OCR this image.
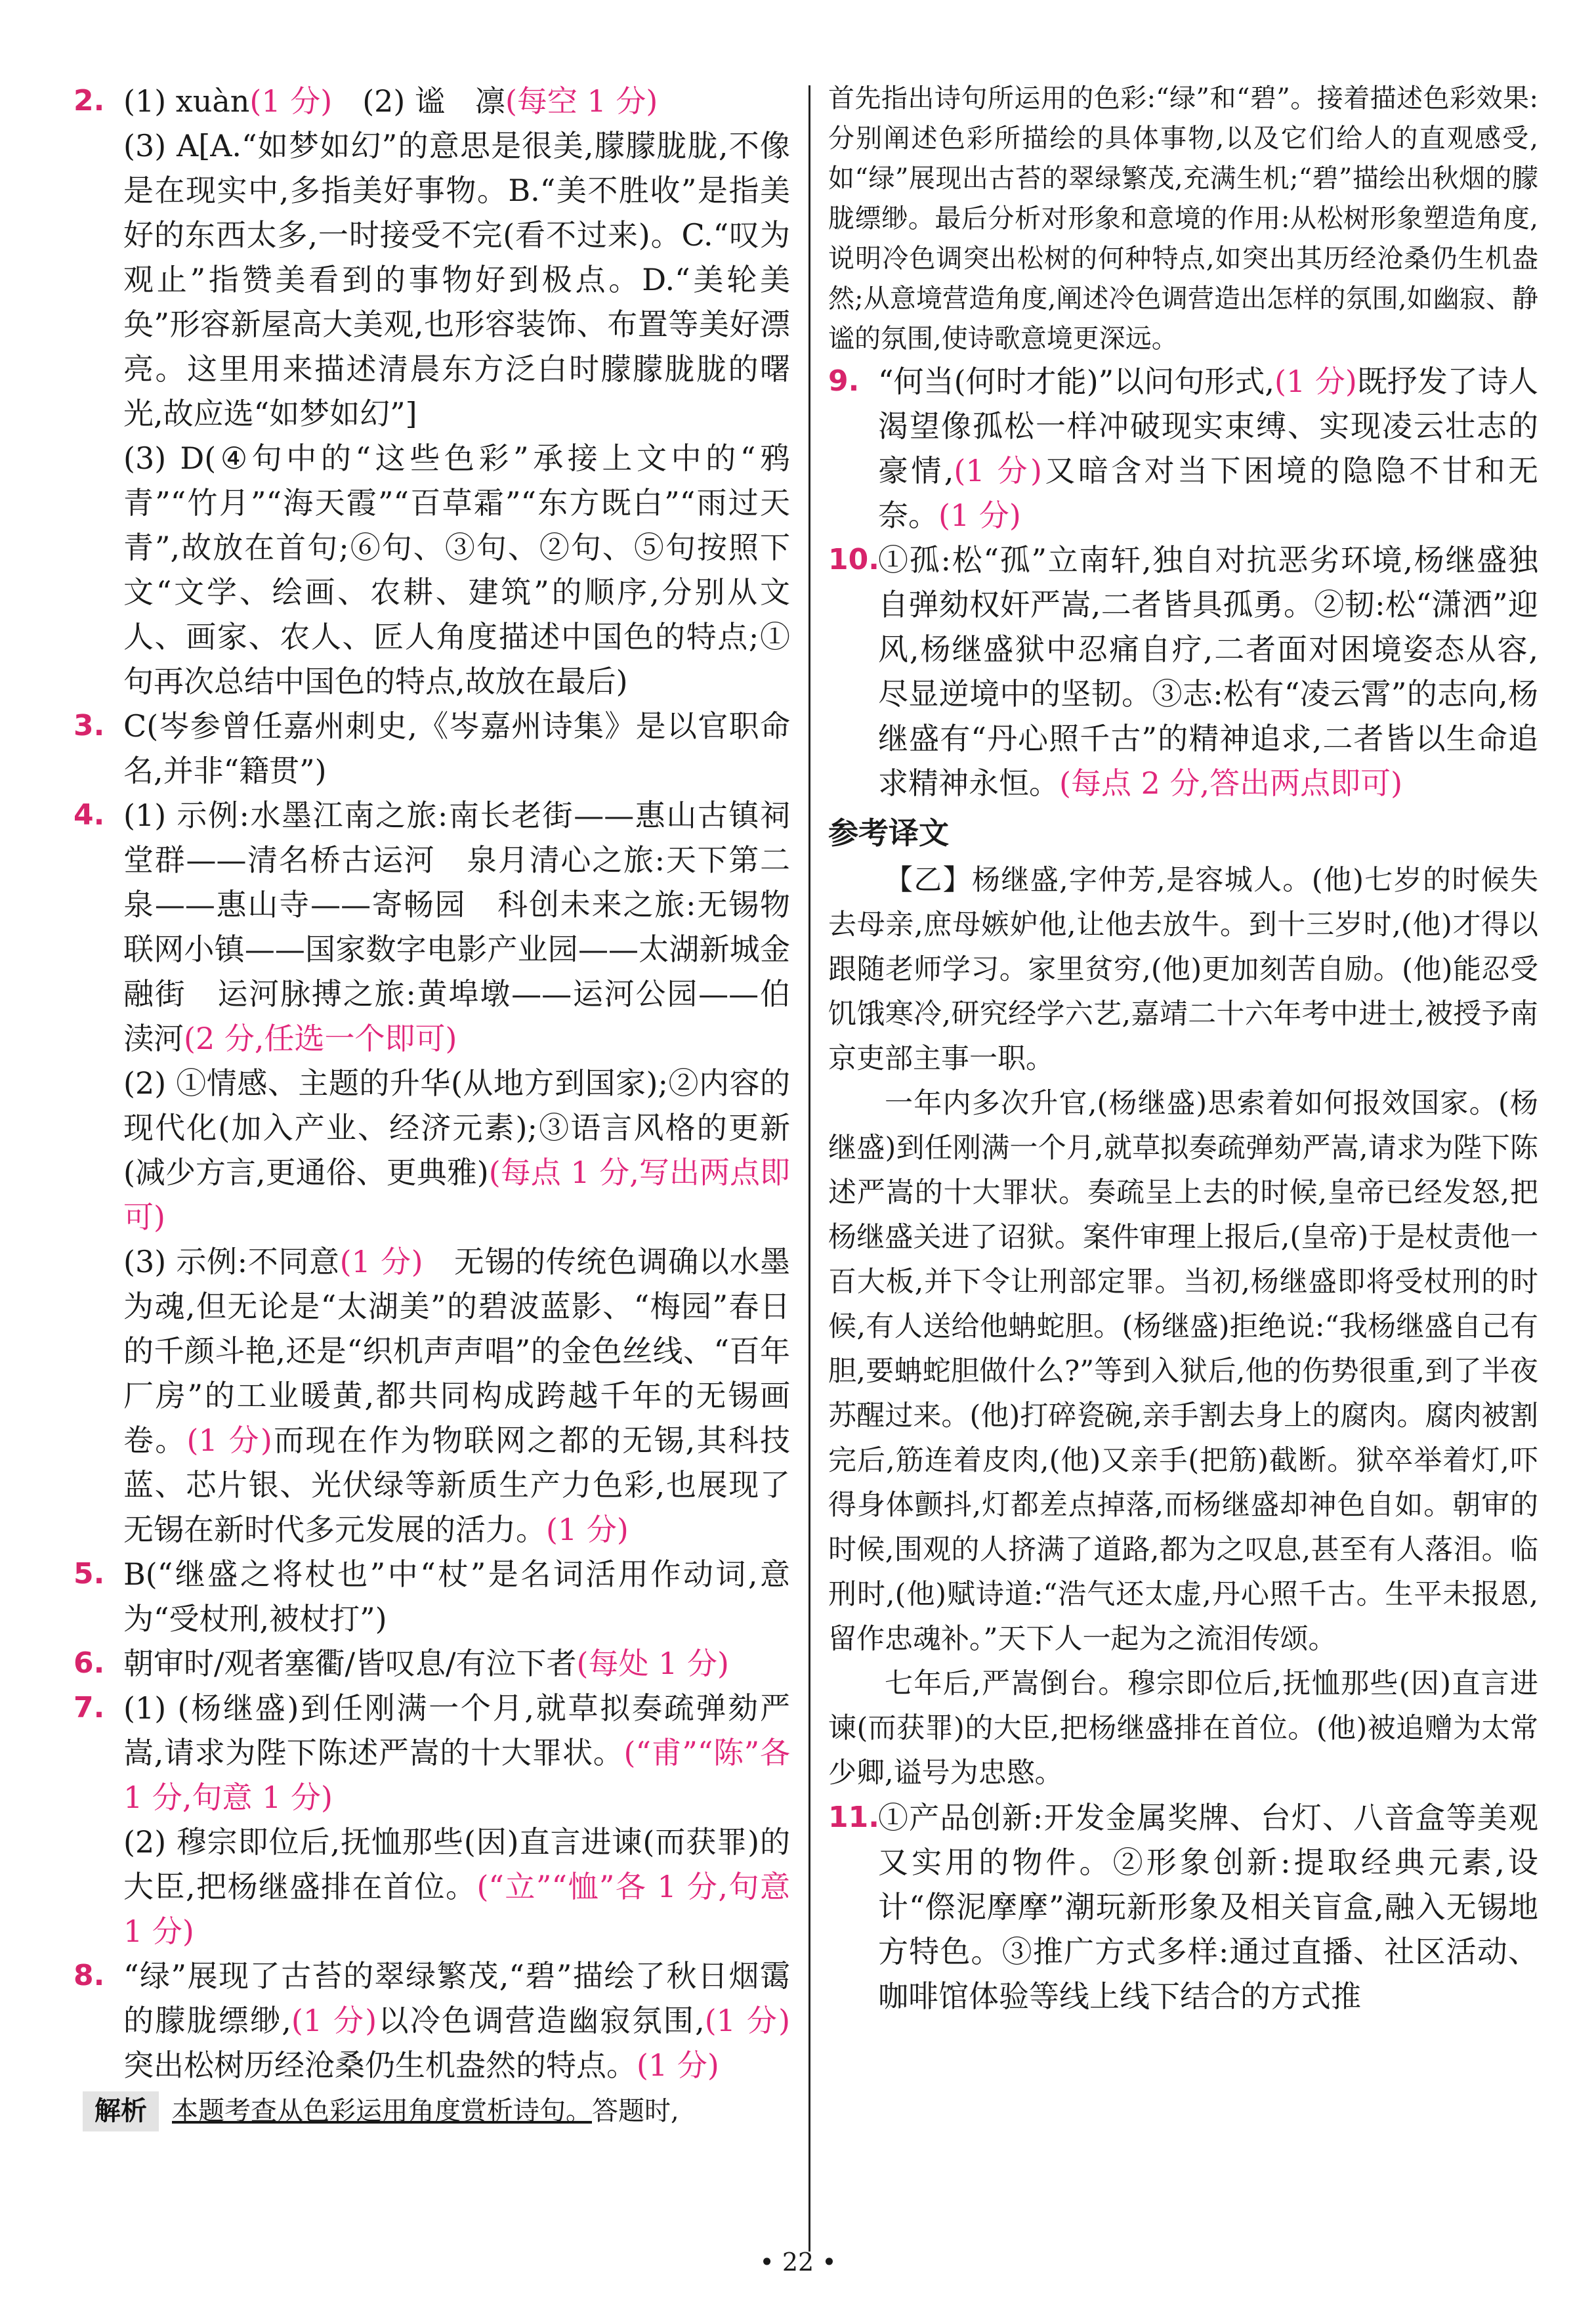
2. (1) xuàn(1 分)　(2) 谧　凛(每空 1 分)

(3) A[A.“如梦如幻”的意思是很美,朦朦胧胧,不像是在现实中,多指美好事物。B.“美不胜收”是指美好的东西太多,一时接受不完(看不过来)。C.“叹为观止”指赞美看到的事物好到极点。D.“美轮美奂”形容新屋高大美观,也形容装饰、布置等美好漂亮。这里用来描述清晨东方泛白时朦朦胧胧的曙光,故应选“如梦如幻”]

(3) D(④句中的“这些色彩”承接上文中的“鸦青”“竹月”“海天霞”“百草霜”“东方既白”“雨过天青”,故放在首句;⑥句、③句、②句、⑤句按照下文“文学、绘画、农耕、建筑”的顺序,分别从文人、画家、农人、匠人角度描述中国色的特点;①句再次总结中国色的特点,故放在最后)

3. C(岑参曾任嘉州刺史,《岑嘉州诗集》是以官职命名,并非“籍贯”)

4. (1) 示例:水墨江南之旅:南长老街——惠山古镇祠堂群——清名桥古运河　泉月清心之旅:天下第二泉——惠山寺——寄畅园　科创未来之旅:无锡物联网小镇——国家数字电影产业园——太湖新城金融街　运河脉搏之旅:黄埠墩——运河公园——伯渎河(2 分,任选一个即可)

(2) ①情感、主题的升华(从地方到国家);②内容的现代化(加入产业、经济元素);③语言风格的更新(减少方言,更通俗、更典雅)(每点 1 分,写出两点即可)

(3) 示例:不同意(1 分)　无锡的传统色调确以水墨为魂,但无论是“太湖美”的碧波蓝影、“梅园”春日的千颜斗艳,还是“织机声声唱”的金色丝线、“百年厂房”的工业暖黄,都共同构成跨越千年的无锡画卷。(1 分)而现在作为物联网之都的无锡,其科技蓝、芯片银、光伏绿等新质生产力色彩,也展现了无锡在新时代多元发展的活力。(1 分)

5. B(“继盛之将杖也”中“杖”是名词活用作动词,意为“受杖刑,被杖打”)

6. 朝审时/观者塞衢/皆叹息/有泣下者(每处 1 分)

7. (1) (杨继盛)到任刚满一个月,就草拟奏疏弹劾严嵩,请求为陛下陈述严嵩的十大罪状。(“甫”“陈”各 1 分,句意 1 分)

(2) 穆宗即位后,抚恤那些(因)直言进谏(而获罪)的大臣,把杨继盛排在首位。(“立”“恤”各 1 分,句意 1 分)

8. “绿”展现了古苔的翠绿繁茂,“碧”描绘了秋日烟霭的朦胧缥缈,(1 分)以冷色调营造幽寂氛围,(1 分)突出松树历经沧桑仍生机盎然的特点。(1 分)

解析 本题考查从色彩运用角度赏析诗句。答题时,
首先指出诗句所运用的色彩:“绿”和“碧”。接着描述色彩效果:分别阐述色彩所描绘的具体事物,以及它们给人的直观感受,如“绿”展现出古苔的翠绿繁茂,充满生机;“碧”描绘出秋烟的朦胧缥缈。最后分析对形象和意境的作用:从松树形象塑造角度,说明冷色调突出松树的何种特点,如突出其历经沧桑仍生机盎然;从意境营造角度,阐述冷色调营造出怎样的氛围,如幽寂、静谧的氛围,使诗歌意境更深远。
9. “何当(何时才能)”以问句形式,(1 分)既抒发了诗人渴望像孤松一样冲破现实束缚、实现凌云壮志的豪情,(1 分)又暗含对当下困境的隐隐不甘和无奈。(1 分)

10.

①孤:松“孤”立南轩,独自对抗恶劣环境,杨继盛独自弹劾权奸严嵩,二者皆具孤勇。②韧:松“潇洒”迎风,杨继盛狱中忍痛自疗,二者面对困境姿态从容,尽显逆境中的坚韧。③志:松有“凌云霄”的志向,杨继盛有“丹心照千古”的精神追求,二者皆以生命追求精神永恒。(每点 2 分,答出两点即可)

参考译文

【乙】杨继盛,字仲芳,是容城人。(他)七岁的时候失去母亲,庶母嫉妒他,让他去放牛。到十三岁时,(他)才得以跟随老师学习。家里贫穷,(他)更加刻苦自励。(他)能忍受饥饿寒冷,研究经学六艺,嘉靖二十六年考中进士,被授予南京吏部主事一职。

一年内多次升官,(杨继盛)思索着如何报效国家。(杨继盛)到任刚满一个月,就草拟奏疏弹劾严嵩,请求为陛下陈述严嵩的十大罪状。奏疏呈上去的时候,皇帝已经发怒,把杨继盛关进了诏狱。案件审理上报后,(皇帝)于是杖责他一百大板,并下令让刑部定罪。当初,杨继盛即将受杖刑的时候,有人送给他蚺蛇胆。(杨继盛)拒绝说:“我杨继盛自己有胆,要蚺蛇胆做什么?”等到入狱后,他的伤势很重,到了半夜苏醒过来。(他)打碎瓷碗,亲手割去身上的腐肉。腐肉被割完后,筋连着皮肉,(他)又亲手(把筋)截断。狱卒举着灯,吓得身体颤抖,灯都差点掉落,而杨继盛却神色自如。朝审的时候,围观的人挤满了道路,都为之叹息,甚至有人落泪。临刑时,(他)赋诗道:“浩气还太虚,丹心照千古。生平未报恩,留作忠魂补。”天下人一起为之流泪传颂。

七年后,严嵩倒台。穆宗即位后,抚恤那些(因)直言进谏(而获罪)的大臣,把杨继盛排在首位。(他)被追赠为太常少卿,谥号为忠愍。

11.

①产品创新:开发金属奖牌、台灯、八音盒等美观又实用的物件。②形象创新:提取经典元素,设计“傺泥摩摩”潮玩新形象及相关盲盒,融入无锡地方特色。③推广方式多样:通过直播、社区活动、咖啡馆体验等线上线下结合的方式推

• 22 •
